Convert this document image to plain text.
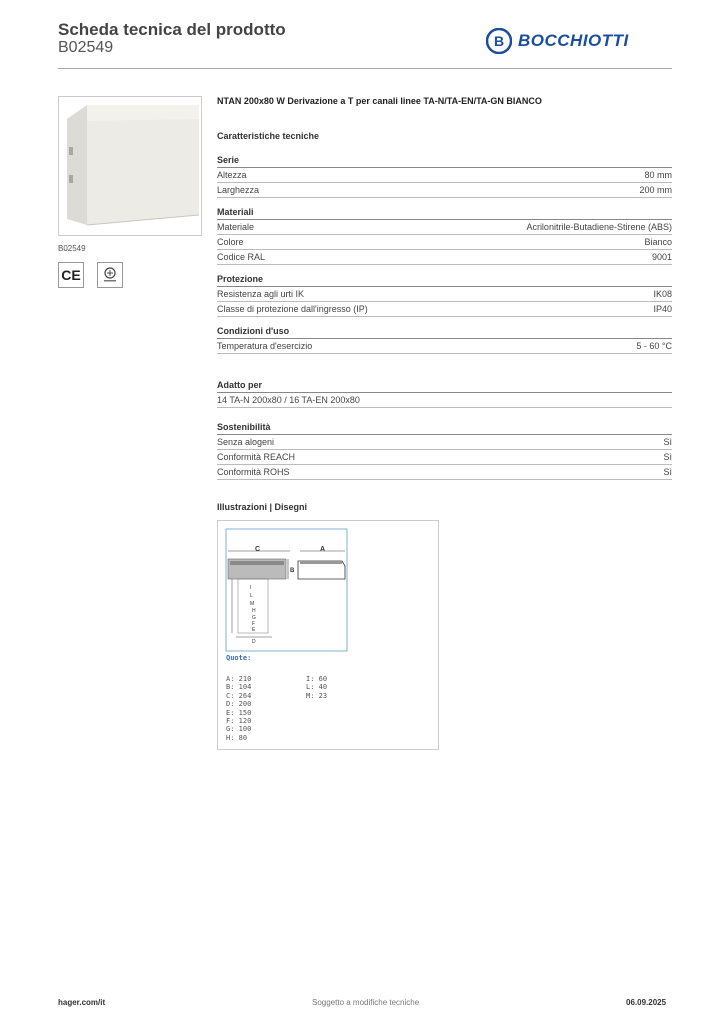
Scheda tecnica del prodotto
B02549	B BOCCHIOTTI
B02549
CE
NTAN 200x80 W Derivazione a T per canali linee TA-N/TA-EN/TA-GN BIANCO
Caratteristiche tecniche
Serie
Altezza	80 mm
Larghezza	200 mm
Materiali
Materiale	Acrilonitrile-Butadiene-Stirene (ABS)
Colore	Bianco
Codice RAL	9001
Protezione
Resistenza agli urti IK	IK08
Classe di protezione dall'ingresso (IP)	IP40
Condizioni d'uso
Temperatura d'esercizio	5 - 60 °C
Adatto per
14 TA-N 200x80 / 16 TA-EN 200x80
Sostenibilità
Senza alogeni	Sì
Conformità REACH	Sì
Conformità ROHS	Sì
Illustrazioni | Disegni
C	A
B
I
L
M
H
G
F
E
D
Quote:
A: 210
B: 104
C: 264
D: 200
E: 150
F: 120
G: 100
H: 80
I: 60
L: 40
M: 23
hager.com/it	Soggetto a modifiche tecniche	06.09.2025
